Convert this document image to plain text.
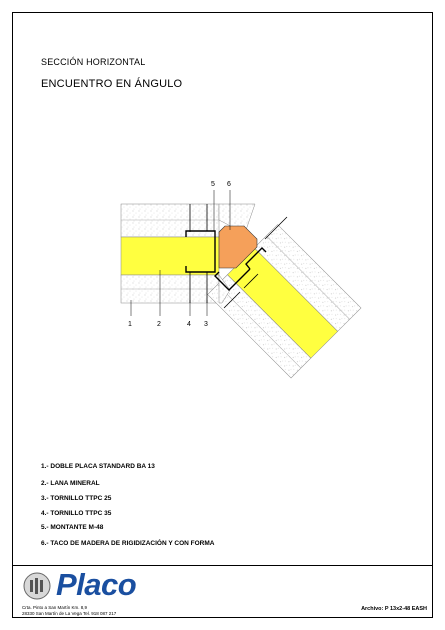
SECCIÓN HORIZONTAL
ENCUENTRO EN ÁNGULO
5 6
1	2	4 3
1.- DOBLE PLACA STANDARD BA 13
2.- LANA MINERAL
3.- TORNILLO TTPC 25
4.- TORNILLO TTPC 35
5.- MONTANTE M-48
6.- TACO DE MADERA DE RIGIDIZACIÓN Y CON FORMA
Placo
Crta. Pinto a San Martín Km. 8,9
28330 San Martín de La Vega Tel. 918 087 217
Archivo: P 13x2-48 EASH
